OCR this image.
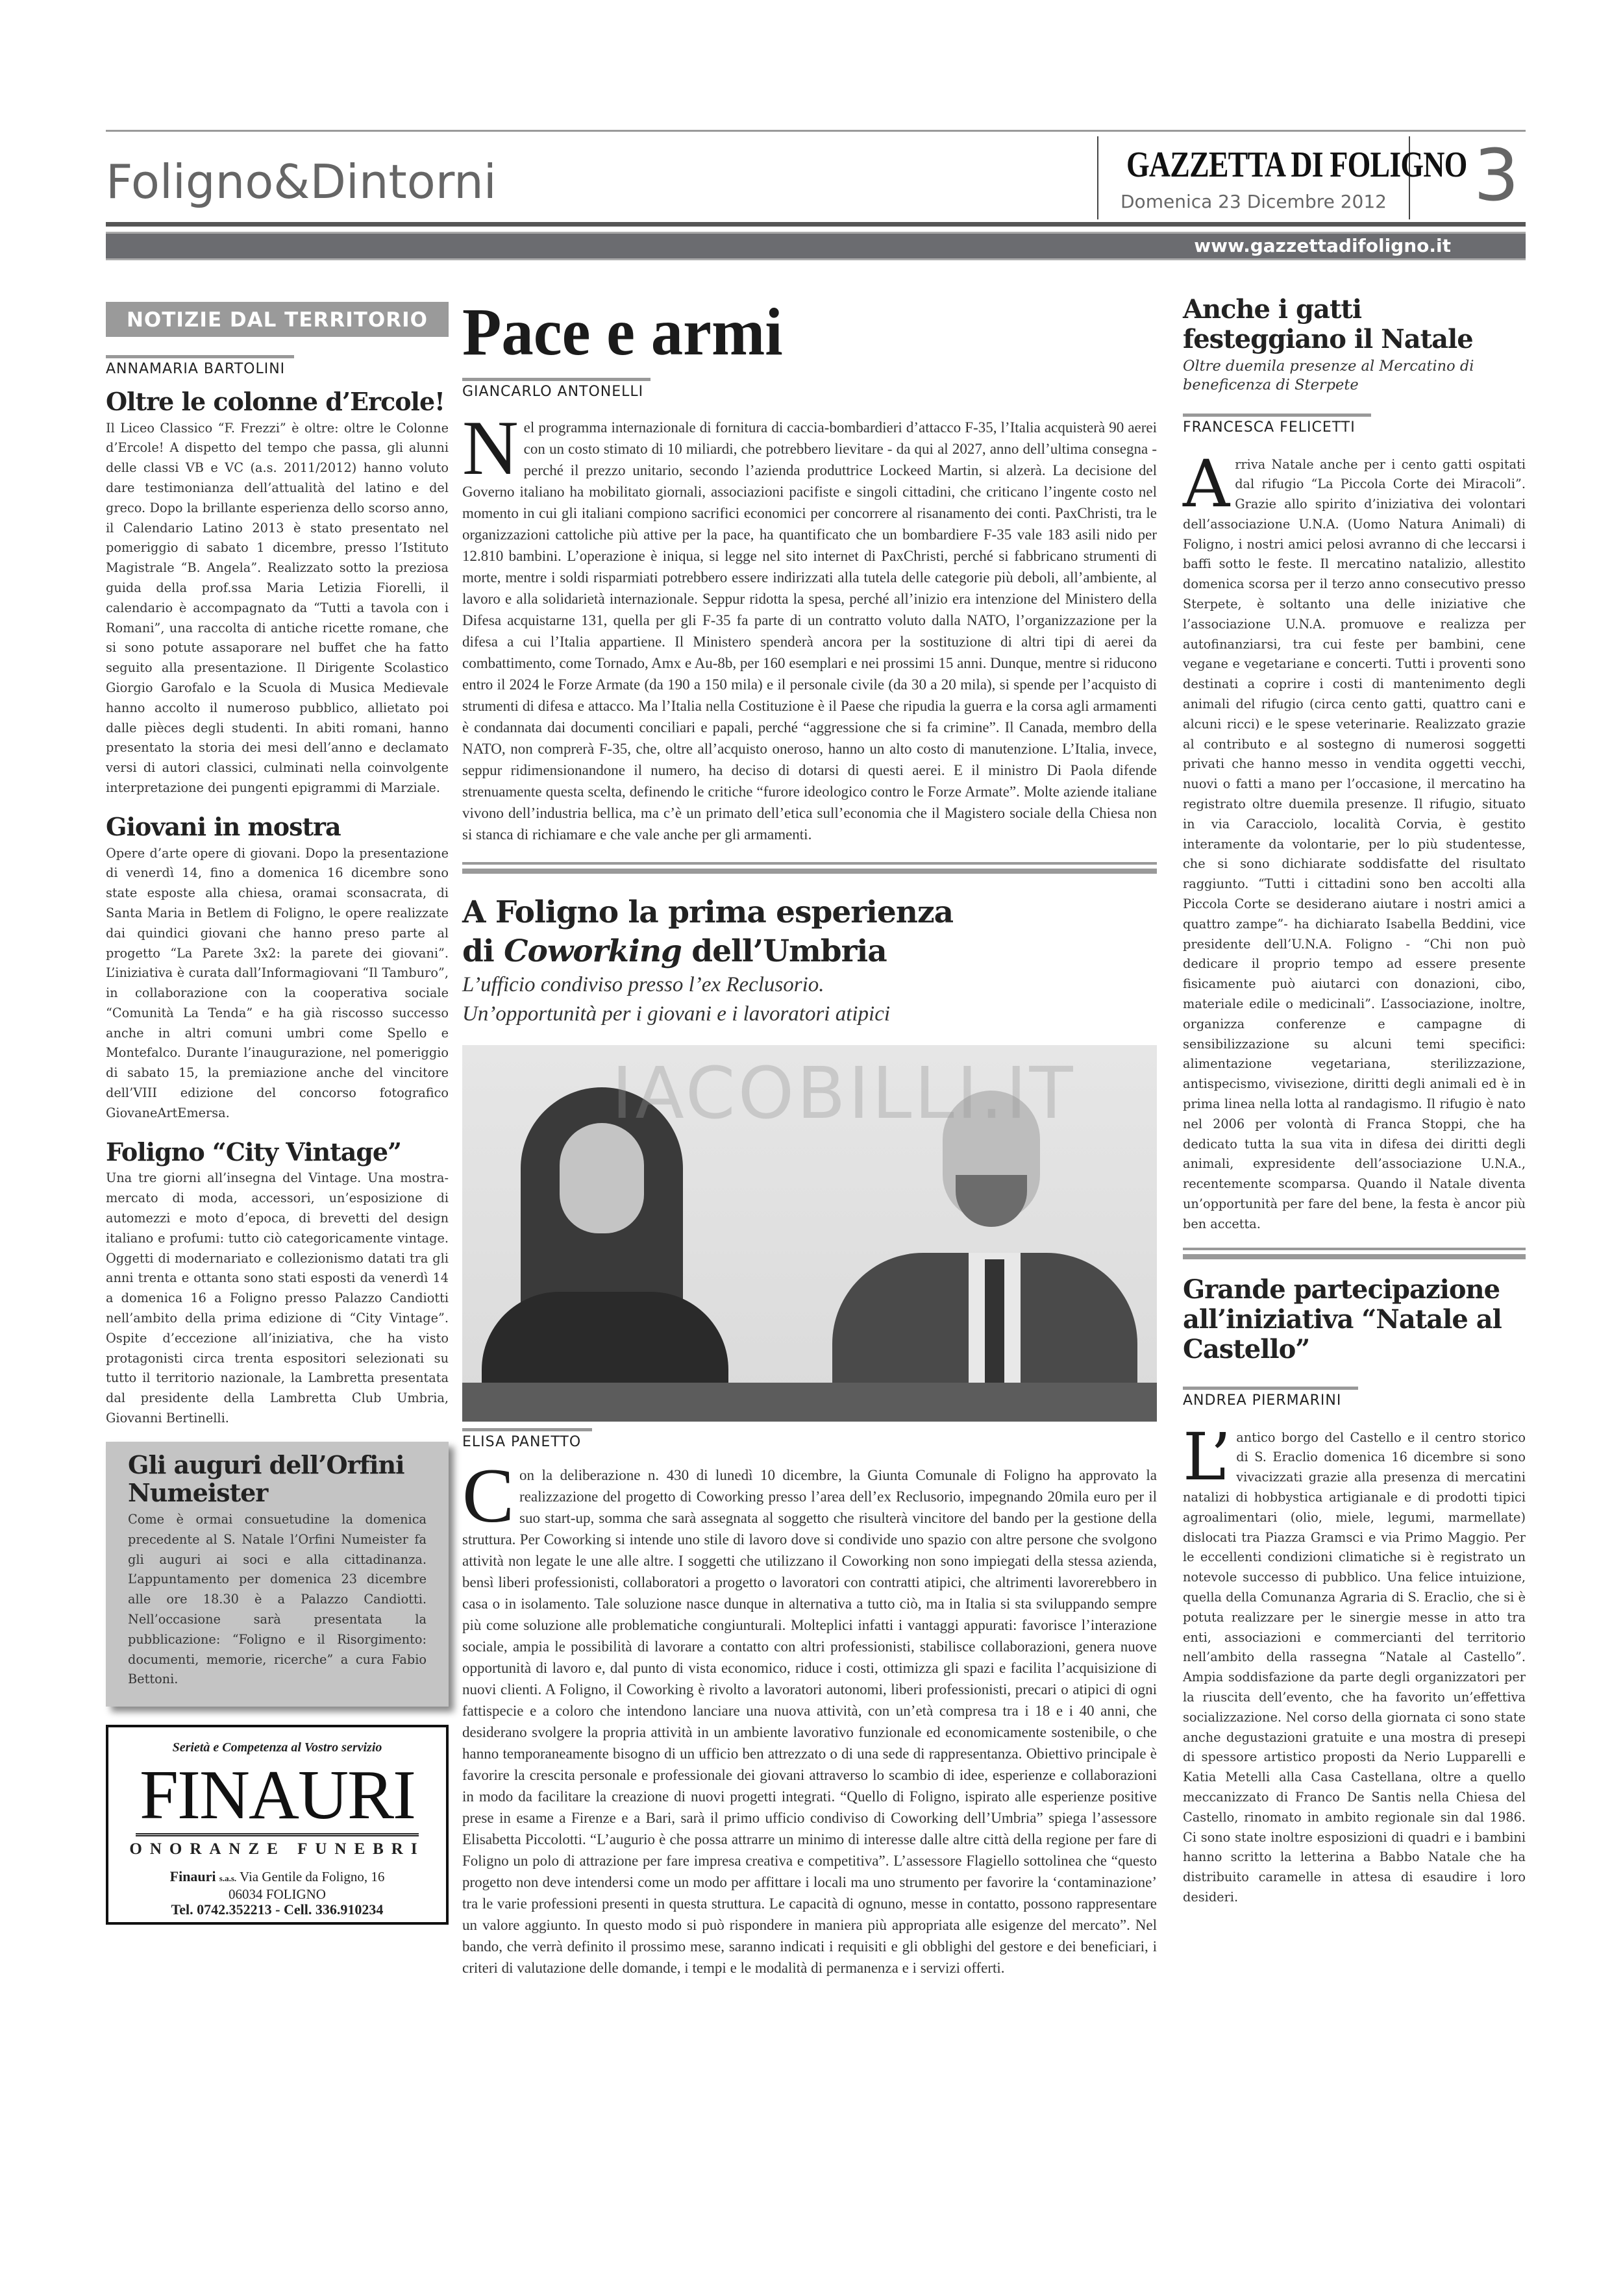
Foligno&Dintorni	GAZZETTA DI FOLIGNO
Domenica 23 Dicembre 2012	3
www.gazzettadifoligno.it
NOTIZIE DAL TERRITORIO
ANNAMARIA BARTOLINI
Oltre le colonne d’Ercole!
Il Liceo Classico “F. Frezzi” è oltre: oltre le Colonne d’Ercole! A dispetto del tempo che passa, gli alunni delle classi VB e VC (a.s. 2011/2012) hanno voluto dare testimonianza dell’attualità del latino e del greco. Dopo la brillante esperienza dello scorso anno, il Calendario Latino 2013 è stato presentato nel pomeriggio di sabato 1 dicembre, presso l’Istituto Magistrale “B. Angela”. Realizzato sotto la preziosa guida della prof.ssa Maria Letizia Fiorelli, il calendario è accompagnato da “Tutti a tavola con i Romani”, una raccolta di antiche ricette romane, che si sono potute assaporare nel buffet che ha fatto seguito alla presentazione. Il Dirigente Scolastico Giorgio Garofalo e la Scuola di Musica Medievale hanno accolto il numeroso pubblico, allietato poi dalle pièces degli studenti. In abiti romani, hanno presentato la storia dei mesi dell’anno e declamato versi di autori classici, culminati nella coinvolgente interpretazione dei pungenti epigrammi di Marziale.
Giovani in mostra
Opere d’arte opere di giovani. Dopo la presentazione di venerdì 14, fino a domenica 16 dicembre sono state esposte alla chiesa, oramai sconsacrata, di Santa Maria in Betlem di Foligno, le opere realizzate dai quindici giovani che hanno preso parte al progetto “La Parete 3x2: la parete dei giovani”. L’iniziativa è curata dall’Informagiovani “Il Tamburo”, in collaborazione con la cooperativa sociale “Comunità La Tenda” e ha già riscosso successo anche in altri comuni umbri come Spello e Montefalco. Durante l’inaugurazione, nel pomeriggio di sabato 15, la premiazione anche del vincitore dell’VIII edizione del concorso fotografico GiovaneArtEmersa.
Foligno “City Vintage”
Una tre giorni all’insegna del Vintage. Una mostra-mercato di moda, accessori, un’esposizione di automezzi e moto d’epoca, di brevetti del design italiano e profumi: tutto ciò categoricamente vintage. Oggetti di modernariato e collezionismo datati tra gli anni trenta e ottanta sono stati esposti da venerdì 14 a domenica 16 a Foligno presso Palazzo Candiotti nell’ambito della prima edizione di “City Vintage”. Ospite d’eccezione all’iniziativa, che ha visto protagonisti circa trenta espositori selezionati su tutto il territorio nazionale, la Lambretta presentata dal presidente della Lambretta Club Umbria, Giovanni Bertinelli.
Gli auguri dell’Orfini Numeister
Come è ormai consuetudine la domenica precedente al S. Natale l’Orfini Numeister fa gli auguri ai soci e alla cittadinanza. L’appuntamento per domenica 23 dicembre alle ore 18.30 è a Palazzo Candiotti. Nell’occasione sarà presentata la pubblicazione: “Foligno e il Risorgimento: documenti, memorie, ricerche” a cura Fabio Bettoni.
Serietà e Competenza al Vostro servizio
FINAURI
ONORANZE FUNEBRI
Finauri s.a.s. Via Gentile da Foligno, 16
06034 FOLIGNO
Tel. 0742.352213 - Cell. 336.910234
Pace e armi
GIANCARLO ANTONELLI
N el programma internazionale di fornitura di caccia-bombardieri d’attacco F-35, l’Italia acquisterà 90 aerei con un costo stimato di 10 miliardi, che potrebbero lievitare - da qui al 2027, anno dell’ultima consegna - perché il prezzo unitario, secondo l’azienda produttrice Lockeed Martin, si alzerà. La decisione del Governo italiano ha mobilitato giornali, associazioni pacifiste e singoli cittadini, che criticano l’ingente costo nel momento in cui gli italiani compiono sacrifici economici per concorrere al risanamento dei conti. PaxChristi, tra le organizzazioni cattoliche più attive per la pace, ha quantificato che un bombardiere F-35 vale 183 asili nido per 12.810 bambini. L’operazione è iniqua, si legge nel sito internet di PaxChristi, perché si fabbricano strumenti di morte, mentre i soldi risparmiati potrebbero essere indirizzati alla tutela delle categorie più deboli, all’ambiente, al lavoro e alla solidarietà internazionale. Seppur ridotta la spesa, perché all’inizio era intenzione del Ministero della Difesa acquistarne 131, quella per gli F-35 fa parte di un contratto voluto dalla NATO, l’organizzazione per la difesa a cui l’Italia appartiene. Il Ministero spenderà ancora per la sostituzione di altri tipi di aerei da combattimento, come Tornado, Amx e Au-8b, per 160 esemplari e nei prossimi 15 anni. Dunque, mentre si riducono entro il 2024 le Forze Armate (da 190 a 150 mila) e il personale civile (da 30 a 20 mila), si spende per l’acquisto di strumenti di difesa e attacco. Ma l’Italia nella Costituzione è il Paese che ripudia la guerra e la corsa agli armamenti è condannata dai documenti conciliari e papali, perché “aggressione che si fa crimine”. Il Canada, membro della NATO, non comprerà F-35, che, oltre all’acquisto oneroso, hanno un alto costo di manutenzione. L’Italia, invece, seppur ridimensionandone il numero, ha deciso di dotarsi di questi aerei. E il ministro Di Paola difende strenuamente questa scelta, definendo le critiche “furore ideologico contro le Forze Armate”. Molte aziende italiane vivono dell’industria bellica, ma c’è un primato dell’etica sull’economia che il Magistero sociale della Chiesa non si stanca di richiamare e che vale anche per gli armamenti.
A Foligno la prima esperienza
di Coworking dell’Umbria
L’ufficio condiviso presso l’ex Reclusorio.
Un’opportunità per i giovani e i lavoratori atipici
IACOBILLI.IT
ELISA PANETTO
C on la deliberazione n. 430 di lunedì 10 dicembre, la Giunta Comunale di Foligno ha approvato la realizzazione del progetto di Coworking presso l’area dell’ex Reclusorio, impegnando 20mila euro per il suo start-up, somma che sarà assegnata al soggetto che risulterà vincitore del bando per la gestione della struttura. Per Coworking si intende uno stile di lavoro dove si condivide uno spazio con altre persone che svolgono attività non legate le une alle altre. I soggetti che utilizzano il Coworking non sono impiegati della stessa azienda, bensì liberi professionisti, collaboratori a progetto o lavoratori con contratti atipici, che altrimenti lavorerebbero in casa o in isolamento. Tale soluzione nasce dunque in alternativa a tutto ciò, ma in Italia si sta sviluppando sempre più come soluzione alle problematiche congiunturali. Molteplici infatti i vantaggi appurati: favorisce l’interazione sociale, ampia le possibilità di lavorare a contatto con altri professionisti, stabilisce collaborazioni, genera nuove opportunità di lavoro e, dal punto di vista economico, riduce i costi, ottimizza gli spazi e facilita l’acquisizione di nuovi clienti. A Foligno, il Coworking è rivolto a lavoratori autonomi, liberi professionisti, precari o atipici di ogni fattispecie e a coloro che intendono lanciare una nuova attività, con un’età compresa tra i 18 e i 40 anni, che desiderano svolgere la propria attività in un ambiente lavorativo funzionale ed economicamente sostenibile, o che hanno temporaneamente bisogno di un ufficio ben attrezzato o di una sede di rappresentanza. Obiettivo principale è favorire la crescita personale e professionale dei giovani attraverso lo scambio di idee, esperienze e collaborazioni in modo da facilitare la creazione di nuovi progetti integrati. “Quello di Foligno, ispirato alle esperienze positive prese in esame a Firenze e a Bari, sarà il primo ufficio condiviso di Coworking dell’Umbria” spiega l’assessore Elisabetta Piccolotti. “L’augurio è che possa attrarre un minimo di interesse dalle altre città della regione per fare di Foligno un polo di attrazione per fare impresa creativa e competitiva”. L’assessore Flagiello sottolinea che “questo progetto non deve intendersi come un modo per affittare i locali ma uno strumento per favorire la ‘contaminazione’ tra le varie professioni presenti in questa struttura. Le capacità di ognuno, messe in contatto, possono rappresentare un valore aggiunto. In questo modo si può rispondere in maniera più appropriata alle esigenze del mercato”. Nel bando, che verrà definito il prossimo mese, saranno indicati i requisiti e gli obblighi del gestore e dei beneficiari, i criteri di valutazione delle domande, i tempi e le modalità di permanenza e i servizi offerti.
Anche i gatti festeggiano il Natale
Oltre duemila presenze al Mercatino di beneficenza di Sterpete
FRANCESCA FELICETTI
A rriva Natale anche per i cento gatti ospitati dal rifugio “La Piccola Corte dei Miracoli”. Grazie allo spirito d’iniziativa dei volontari dell’associazione U.N.A. (Uomo Natura Animali) di Foligno, i nostri amici pelosi avranno di che leccarsi i baffi sotto le feste. Il mercatino natalizio, allestito domenica scorsa per il terzo anno consecutivo presso Sterpete, è soltanto una delle iniziative che l’associazione U.N.A. promuove e realizza per autofinanziarsi, tra cui feste per bambini, cene vegane e vegetariane e concerti. Tutti i proventi sono destinati a coprire i costi di mantenimento degli animali del rifugio (circa cento gatti, quattro cani e alcuni ricci) e le spese veterinarie. Realizzato grazie al contributo e al sostegno di numerosi soggetti privati che hanno messo in vendita oggetti vecchi, nuovi o fatti a mano per l’occasione, il mercatino ha registrato oltre duemila presenze. Il rifugio, situato in via Caracciolo, località Corvia, è gestito interamente da volontarie, per lo più studentesse, che si sono dichiarate soddisfatte del risultato raggiunto. “Tutti i cittadini sono ben accolti alla Piccola Corte se desiderano aiutare i nostri amici a quattro zampe”- ha dichiarato Isabella Beddini, vice presidente dell’U.N.A. Foligno - “Chi non può dedicare il proprio tempo ad essere presente fisicamente può aiutarci con donazioni, cibo, materiale edile o medicinali”. L’associazione, inoltre, organizza conferenze e campagne di sensibilizzazione su alcuni temi specifici: alimentazione vegetariana, sterilizzazione, antispecismo, vivisezione, diritti degli animali ed è in prima linea nella lotta al randagismo. Il rifugio è nato nel 2006 per volontà di Franca Stoppi, che ha dedicato tutta la sua vita in difesa dei diritti degli animali, expresidente dell’associazione U.N.A., recentemente scomparsa. Quando il Natale diventa un’opportunità per fare del bene, la festa è ancor più ben accetta.
Grande partecipazione all’iniziativa “Natale al Castello”
ANDREA PIERMARINI
L’ antico borgo del Castello e il centro storico di S. Eraclio domenica 16 dicembre si sono vivacizzati grazie alla presenza di mercatini natalizi di hobbystica artigianale e di prodotti tipici agroalimentari (olio, miele, legumi, marmellate) dislocati tra Piazza Gramsci e via Primo Maggio. Per le eccellenti condizioni climatiche si è registrato un notevole successo di pubblico. Una felice intuizione, quella della Comunanza Agraria di S. Eraclio, che si è potuta realizzare per le sinergie messe in atto tra enti, associazioni e commercianti del territorio nell’ambito della rassegna “Natale al Castello”. Ampia soddisfazione da parte degli organizzatori per la riuscita dell’evento, che ha favorito un’effettiva socializzazione. Nel corso della giornata ci sono state anche degustazioni gratuite e una mostra di presepi di spessore artistico proposti da Nerio Lupparelli e Katia Metelli alla Casa Castellana, oltre a quello meccanizzato di Franco De Santis nella Chiesa del Castello, rinomato in ambito regionale sin dal 1986. Ci sono state inoltre esposizioni di quadri e i bambini hanno scritto la letterina a Babbo Natale che ha distribuito caramelle in attesa di esaudire i loro desideri.
